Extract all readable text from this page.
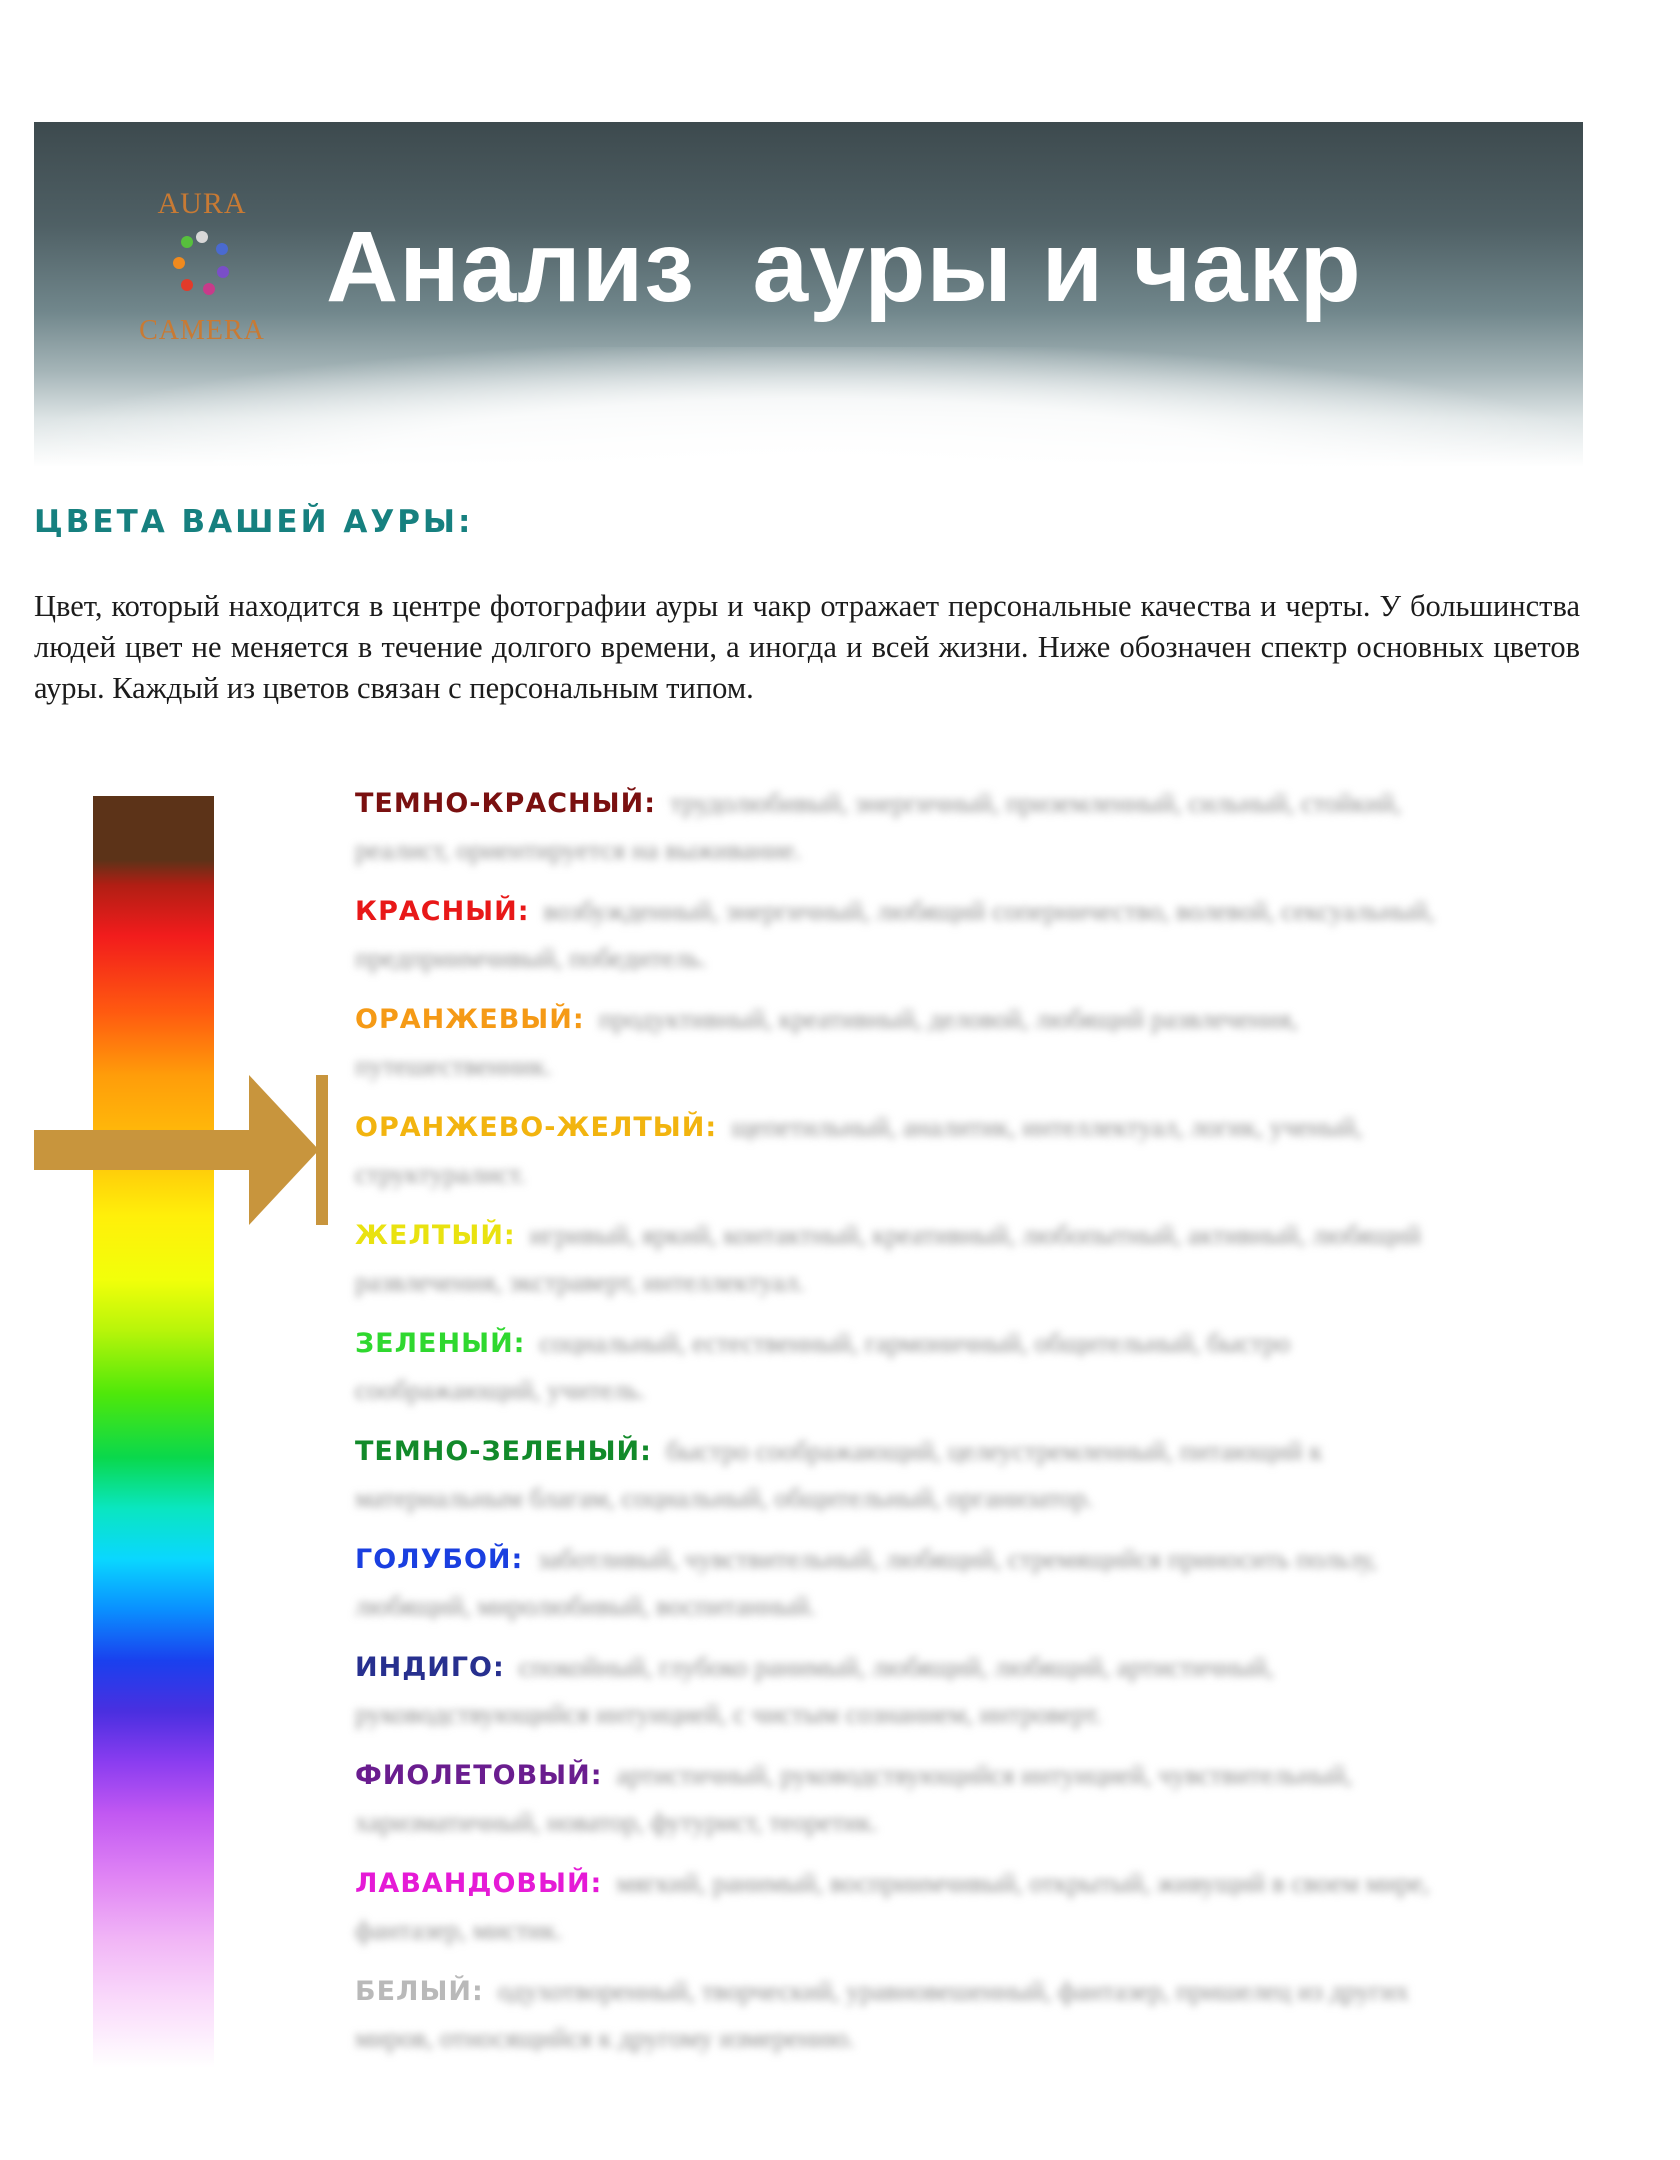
AURA
CAMERA
Анализ  ауры и чакр
ЦВЕТА ВАШЕЙ АУРЫ:
Цвет, который находится в центре фотографии ауры и чакр отражает персональные качества и черты. У большинства людей цвет не меняется в течение долгого времени, а иногда и всей жизни. Ниже обозначен спектр основных цветов ауры. Каждый из цветов связан с персональным типом.
ТЕМНО-КРАСНЫЙ: трудолюбивый, энергичный, приземленный, сильный, стойкий,
реалист, ориентируется на выживание.
КРАСНЫЙ: возбужденный, энергичный, любящий соперничество, волевой, сексуальный,
предприимчивый, победитель.
ОРАНЖЕВЫЙ: продуктивный, креативный, деловой, любящий развлечения,
путешественник.
ОРАНЖЕВО-ЖЕЛТЫЙ: щепетильный, аналитик, интеллектуал, логик, ученый,
структуралист.
ЖЕЛТЫЙ: игривый, яркий, контактный, креативный, любопытный, активный, любящий
развлечения, экстраверт, интеллектуал.
ЗЕЛЕНЫЙ: социальный, естественный, гармоничный, общительный, быстро
соображающий, учитель.
ТЕМНО-ЗЕЛЕНЫЙ: быстро соображающий, целеустремленный, питающий к
материальным благам, социальный, общительный, организатор.
ГОЛУБОЙ: заботливый, чувствительный, любящий, стремящийся приносить пользу,
любящий, миролюбивый, воспитанный.
ИНДИГО: спокойный, глубоко ранимый, любящий, любящий, артистичный,
руководствующийся интуицией, с чистым сознанием, интроверт.
ФИОЛЕТОВЫЙ: артистичный, руководствующийся интуицией, чувствительный,
харизматичный, новатор, футурист, теоретик.
ЛАВАНДОВЫЙ: мягкий, ранимый, восприимчивый, открытый, живущий в своем мире,
фантазер, мистик.
БЕЛЫЙ: одухотворенный, творческий, уравновешенный, фантазер, пришелец из других
миров, относящийся к другому измерению.
